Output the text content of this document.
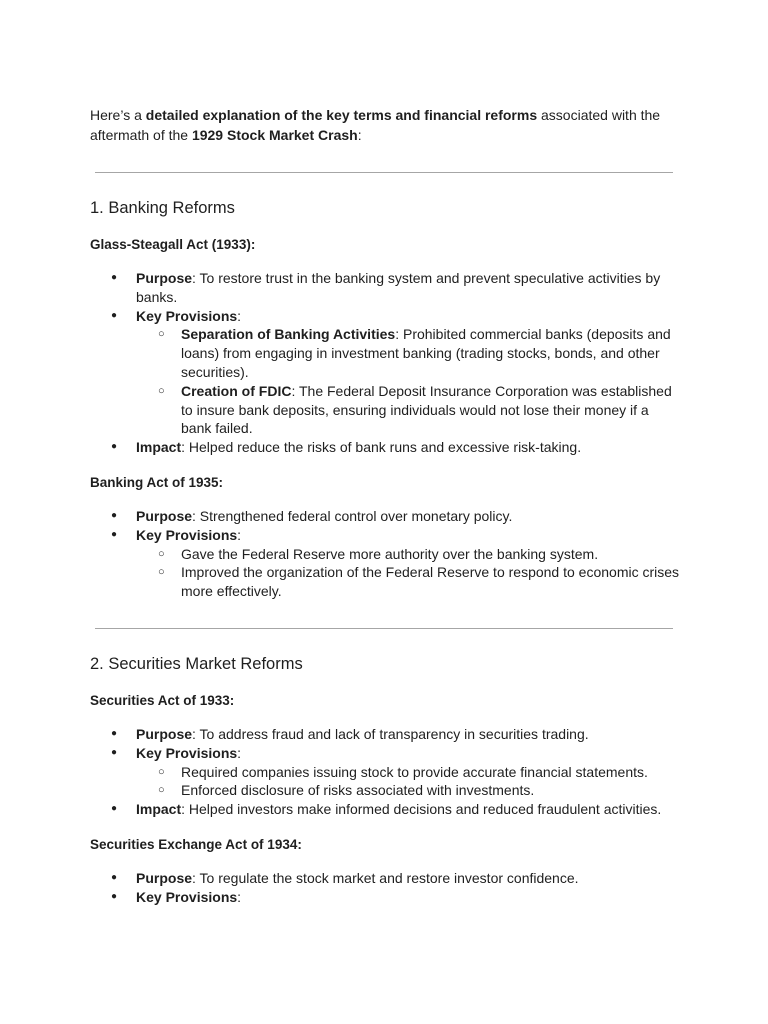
Here’s a detailed explanation of the key terms and financial reforms associated with the aftermath of the 1929 Stock Market Crash:

1. Banking Reforms
Glass-Steagall Act (1933):
● Purpose: To restore trust in the banking system and prevent speculative activities by banks.
● Key Provisions:
○ Separation of Banking Activities: Prohibited commercial banks (deposits and loans) from engaging in investment banking (trading stocks, bonds, and other securities).
○ Creation of FDIC: The Federal Deposit Insurance Corporation was established to insure bank deposits, ensuring individuals would not lose their money if a bank failed.
● Impact: Helped reduce the risks of bank runs and excessive risk-taking.
Banking Act of 1935:
● Purpose: Strengthened federal control over monetary policy.
● Key Provisions:
○ Gave the Federal Reserve more authority over the banking system.
○ Improved the organization of the Federal Reserve to respond to economic crises more effectively.
2. Securities Market Reforms
Securities Act of 1933:
● Purpose: To address fraud and lack of transparency in securities trading.
● Key Provisions:
○ Required companies issuing stock to provide accurate financial statements.
○ Enforced disclosure of risks associated with investments.
● Impact: Helped investors make informed decisions and reduced fraudulent activities.
Securities Exchange Act of 1934:
● Purpose: To regulate the stock market and restore investor confidence.
● Key Provisions:
